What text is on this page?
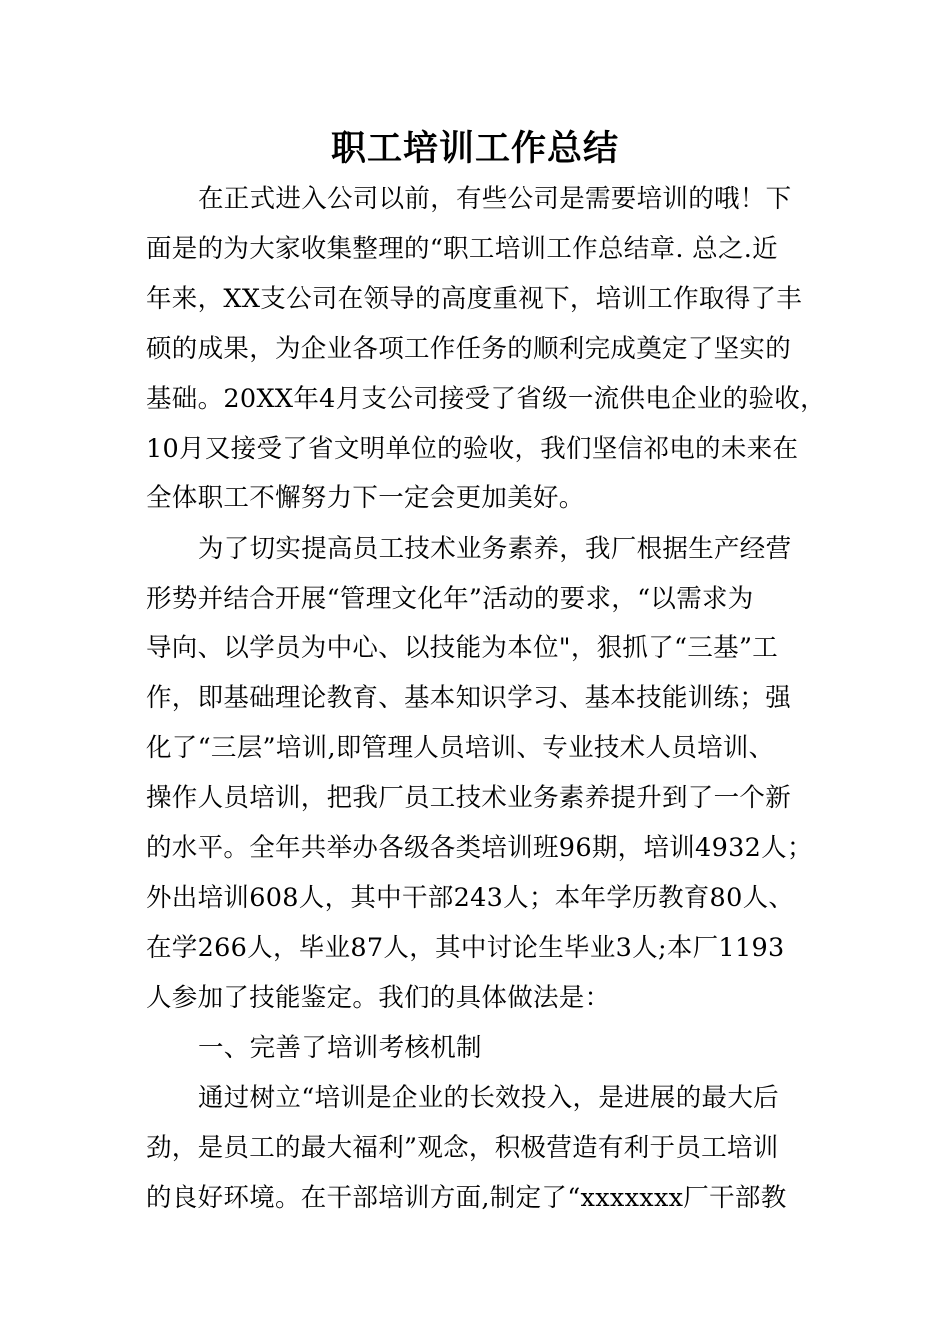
职工培训工作总结
在正式进入公司以前，有些公司是需要培训的哦！下
面是的为大家收集整理的“职工培训工作总结章. 总之.近
年来，XX支公司在领导的高度重视下，培训工作取得了丰
硕的成果，为企业各项工作任务的顺利完成奠定了坚实的
基础。20XX年4月支公司接受了省级一流供电企业的验收，
10月又接受了省文明单位的验收，我们坚信祁电的未来在
全体职工不懈努力下一定会更加美好。
为了切实提高员工技术业务素养，我厂根据生产经营
形势并结合开展“管理文化年”活动的要求，“以需求为
导向、以学员为中心、以技能为本位"，狠抓了“三基”工
作，即基础理论教育、基本知识学习、基本技能训练；强
化了“三层”培训,即管理人员培训、专业技术人员培训、
操作人员培训，把我厂员工技术业务素养提升到了一个新
的水平。全年共举办各级各类培训班96期，培训4932人；
外出培训608人，其中干部243人；本年学历教育80人、
在学266人，毕业87人，其中讨论生毕业3人;本厂1193
人参加了技能鉴定。我们的具体做法是：
一、完善了培训考核机制
通过树立“培训是企业的长效投入，是进展的最大后
劲，是员工的最大福利”观念，积极营造有利于员工培训
的良好环境。在干部培训方面,制定了“xxxxxxx厂干部教
